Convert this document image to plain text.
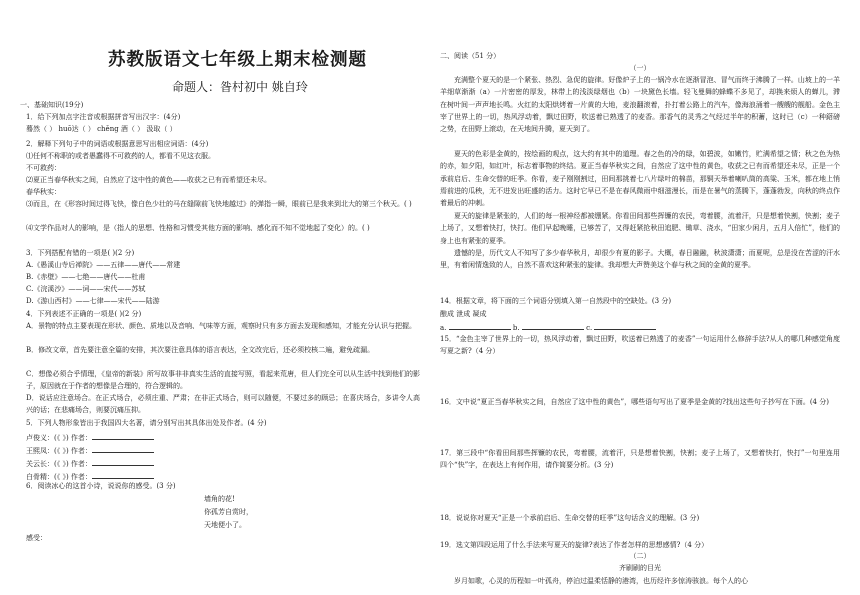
苏教版语文七年级上期末检测题
命题人：昝村初中 姚自玲
一、基础知识(19分)
1．给下列加点字注音或根据拼音写出汉字：(4分)
蓦然（ ） huō达（ ） chěng 酒（ ） 汲取（ ）
2．解释下列句子中的词语或根据意思写出相应词语：(4分)
⑴任何不称职的或者愚蠢得不可救药的人，都看不见这衣服。
不可救药：
⑵夏正当春华秋实之间，自然应了这中性的黄色——收获之已有而希望还未尽。
春华秋实：
⑶而且，在《形容时间过得飞快，像白色少壮的马在缝隙前飞快地越过》的弹指一瞬，眼前已是我来到北大的第三个秋天。( )
⑷文学作品对人的影响，是（指人的思想、性格和习惯受其他方面的影响、感化而不知不觉地起了变化）的。( )
3．下列搭配有错的一项是( )(2 分)
A.《愚溪山寺后禅院》——五律——唐代——常建
B.《赤壁》——七绝——唐代——杜甫
C.《浣溪沙》——词——宋代——苏轼
D.《游山西村》——七律——宋代——陆游
4．下列表述不正确的一项是( )(2 分)
A．景物的特点主要表现在形状、颜色、质地以及音响、气味等方面，观察时只有多方面去发现和感知，才能充分认识与把握。
B．修改文章，首先要注意全篇的安排，其次要注意具体的语言表达，全文改完后，还必须校核二遍，避免疏漏。
C．想像必须合乎情理，《皇帝的新装》所写故事非非真实生活的直接写照，看起来荒唐，但人们完全可以从生活中找到他们的影子，原因就在于作者的想像是合理的，符合逻辑的。
D．说话应注意场合。在正式场合，必须庄重、严肃；在非正式场合，则可以随便，不要过多的顾忌；在喜庆场合，多讲令人高兴的话；在悲痛场合，则要沉痛压抑。
5．下列人物形象皆出于我国四大名著，请分别写出其具体出处及作者。(4 分)
卢俊义：(《 》) 作者：
王熙凤：(《 》) 作者：
关云长：(《 》) 作者：
白骨精：(《 》) 作者：
6．阅读冰心的这首小诗，说说你的感受。(3 分)
墙角的花!
你孤芳自赏时，
天地便小了。
感受：
二、阅读（51 分）
（一）
充满整个夏天的是一个紧张、热烈、急促的旋律。好像炉子上的一锅冷水在逐渐冒泡、冒气而终于沸腾了一样。山坡上的一羊羊细草渐渐（a）一片密密的厚发，林带上的浅淡绿烟也（b）一块黛色长墙。轻飞曼舞的蜂蝶不多见了，却换来烦人的蝉儿，滞在树叶间一声声地长鸣。火红的太阳烘烤着一片黄的大地，麦浪翻滚着，扑打着公路上的汽车，像海浪涌着一艘艘的舰船。金色主宰了世界上的一切，热风浮动着，飘过田野，吹送着已熟透了的麦香。那香气的灵秀之气经过半年的积蓄，这时已（c）一种鍣磅之势，在田野上滚动，在天地间升腾，夏天到了。
夏天的色彩是金黄的，按绘画的观点，这大约有其中的道理。春之色的冷的绿，如碧波，如嫩竹，贮满希望之情；秋之色为热的赤，如夕阳，如红叶，标志着事物的终结。夏正当春华秋实之间，自然应了这中性的黄色，收获之已有而希望还未尽，正是一个承前启后、生命交替的旺季。你看，麦子刚刚割过，田间那挑着七八片绿叶的棉苗，那铜天举着喇叭筒的高粱、玉米，都在地上悄焉前进的瓜秧，无不进发出旺盛的活力。这时它早已不是在春风微雨中细滋漫长，而是在暑气的蒸腾下，蓬蓬勃发，向秋的终点作着最后的冲刺。
夏天的旋律是紧张的，人们的每一根神经都被绷紧。你看田间那些挥镰的农民，弯着腰，流着汗，只是想着快割，快割；麦子上场了，又想着快打，快打。他们早起晚睡，已够苦了，又得赶紧抢秋田追肥、锄草、浇水，“田家少闲月，五月人倍忙”，他们的身上也有紧张的夏季。
遗憾的是，历代文人不知写了多少春华秋月，却很少有夏的影子。大概，春日融融，秋波潇潇；而夏呢，总是没在苦涩的汗水里，有着闲情逸致的人，自然不喜欢这种紧张的旋律。我却想大声赞美这个春与秋之间的金黄的夏季。
14．根据文章，将下面的三个词语分别填入第一自然段中的空缺处。(3 分)
酿成 泄成 凝成
a.	b.	c.
15．“金色主宰了世界上的一切，热风浮动着，飘过田野，吹送着已熟透了的麦香”一句运用什么修辞手法?从人的哪几种感觉角度写夏之新?（4 分）
16．文中说“夏正当春华秋实之间，自然应了这中性的黄色”，哪些语句写出了夏季是金黄的?找出这些句子抄写在下面。(4 分)
17．第三段中“你看田间那些挥镰的农民，弯着腰，流着汗，只是想着快割，快割；麦子上场了，又想着快打，快打”一句里连用四个“快”字，在表达上有何作用，请作简要分析。(3 分)
18．说说你对夏天“正是一个承前启后、生命交替的旺季”这句话含义的理解。(3 分)
19．选文第四段运用了什么手法来写夏天的旋律?表达了作者怎样的思想感情?（4 分）
（二）
齐刷刷的目光
岁月如歌，心灵的历程如一叶孤舟，停泊过温柔恬静的港湾，也历经许多惊涛骇浪。每个人的心
